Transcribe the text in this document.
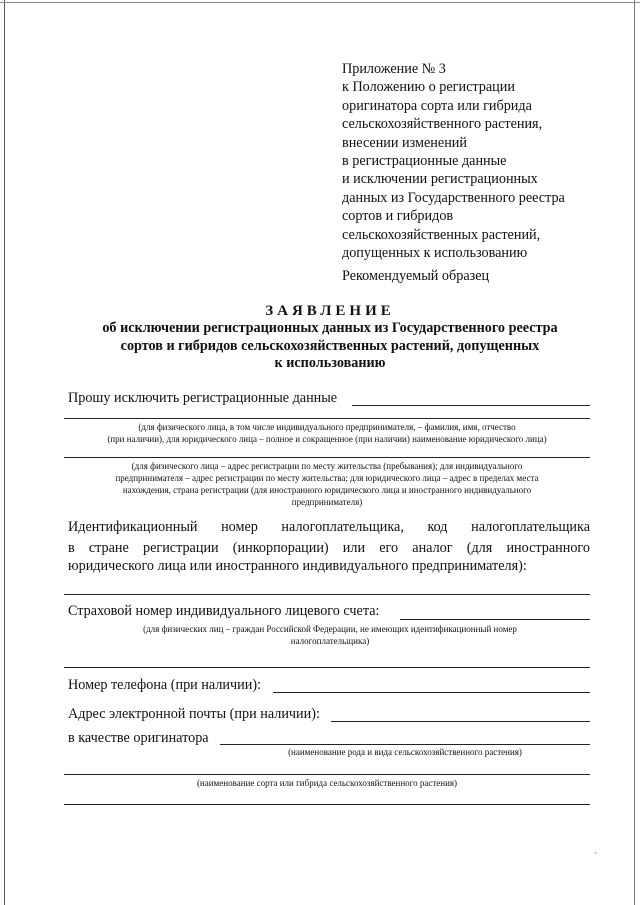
Приложение № 3
к Положению о регистрации
оригинатора сорта или гибрида
сельскохозяйственного растения,
внесении изменений
в регистрационные данные
и исключении регистрационных
данных из Государственного реестра
сортов и гибридов
сельскохозяйственных растений,
допущенных к использованию
Рекомендуемый образец
ЗАЯВЛЕНИЕ
об исключении регистрационных данных из Государственного реестра
сортов и гибридов сельскохозяйственных растений, допущенных
к использованию
Прошу исключить регистрационные данные
(для физического лица, в том числе индивидуального предпринимателя, – фамилия, имя, отчество
(при наличии), для юридического лица – полное и сокращенное (при наличии) наименование юридического лица)
(для физического лица – адрес регистрации по месту жительства (пребывания); для индивидуального
предпринимателя – адрес регистрации по месту жительства; для юридического лица – адрес в пределах места
нахождения, страна регистрации (для иностранного юридического лица и иностранного индивидуального
предпринимателя)
Идентификационный номер налогоплательщика, код налогоплательщика
в стране регистрации (инкорпорации) или его аналог (для иностранного
юридического лица или иностранного индивидуального предпринимателя):
Страховой номер индивидуального лицевого счета:
(для физических лиц – граждан Российской Федерации, не имеющих идентификационный номер
налогоплательщика)
Номер телефона (при наличии):
Адрес электронной почты (при наличии):
в качестве оригинатора
(наименование рода и вида сельскохозяйственного растения)
(наименование сорта или гибрида сельскохозяйственного растения)
`
